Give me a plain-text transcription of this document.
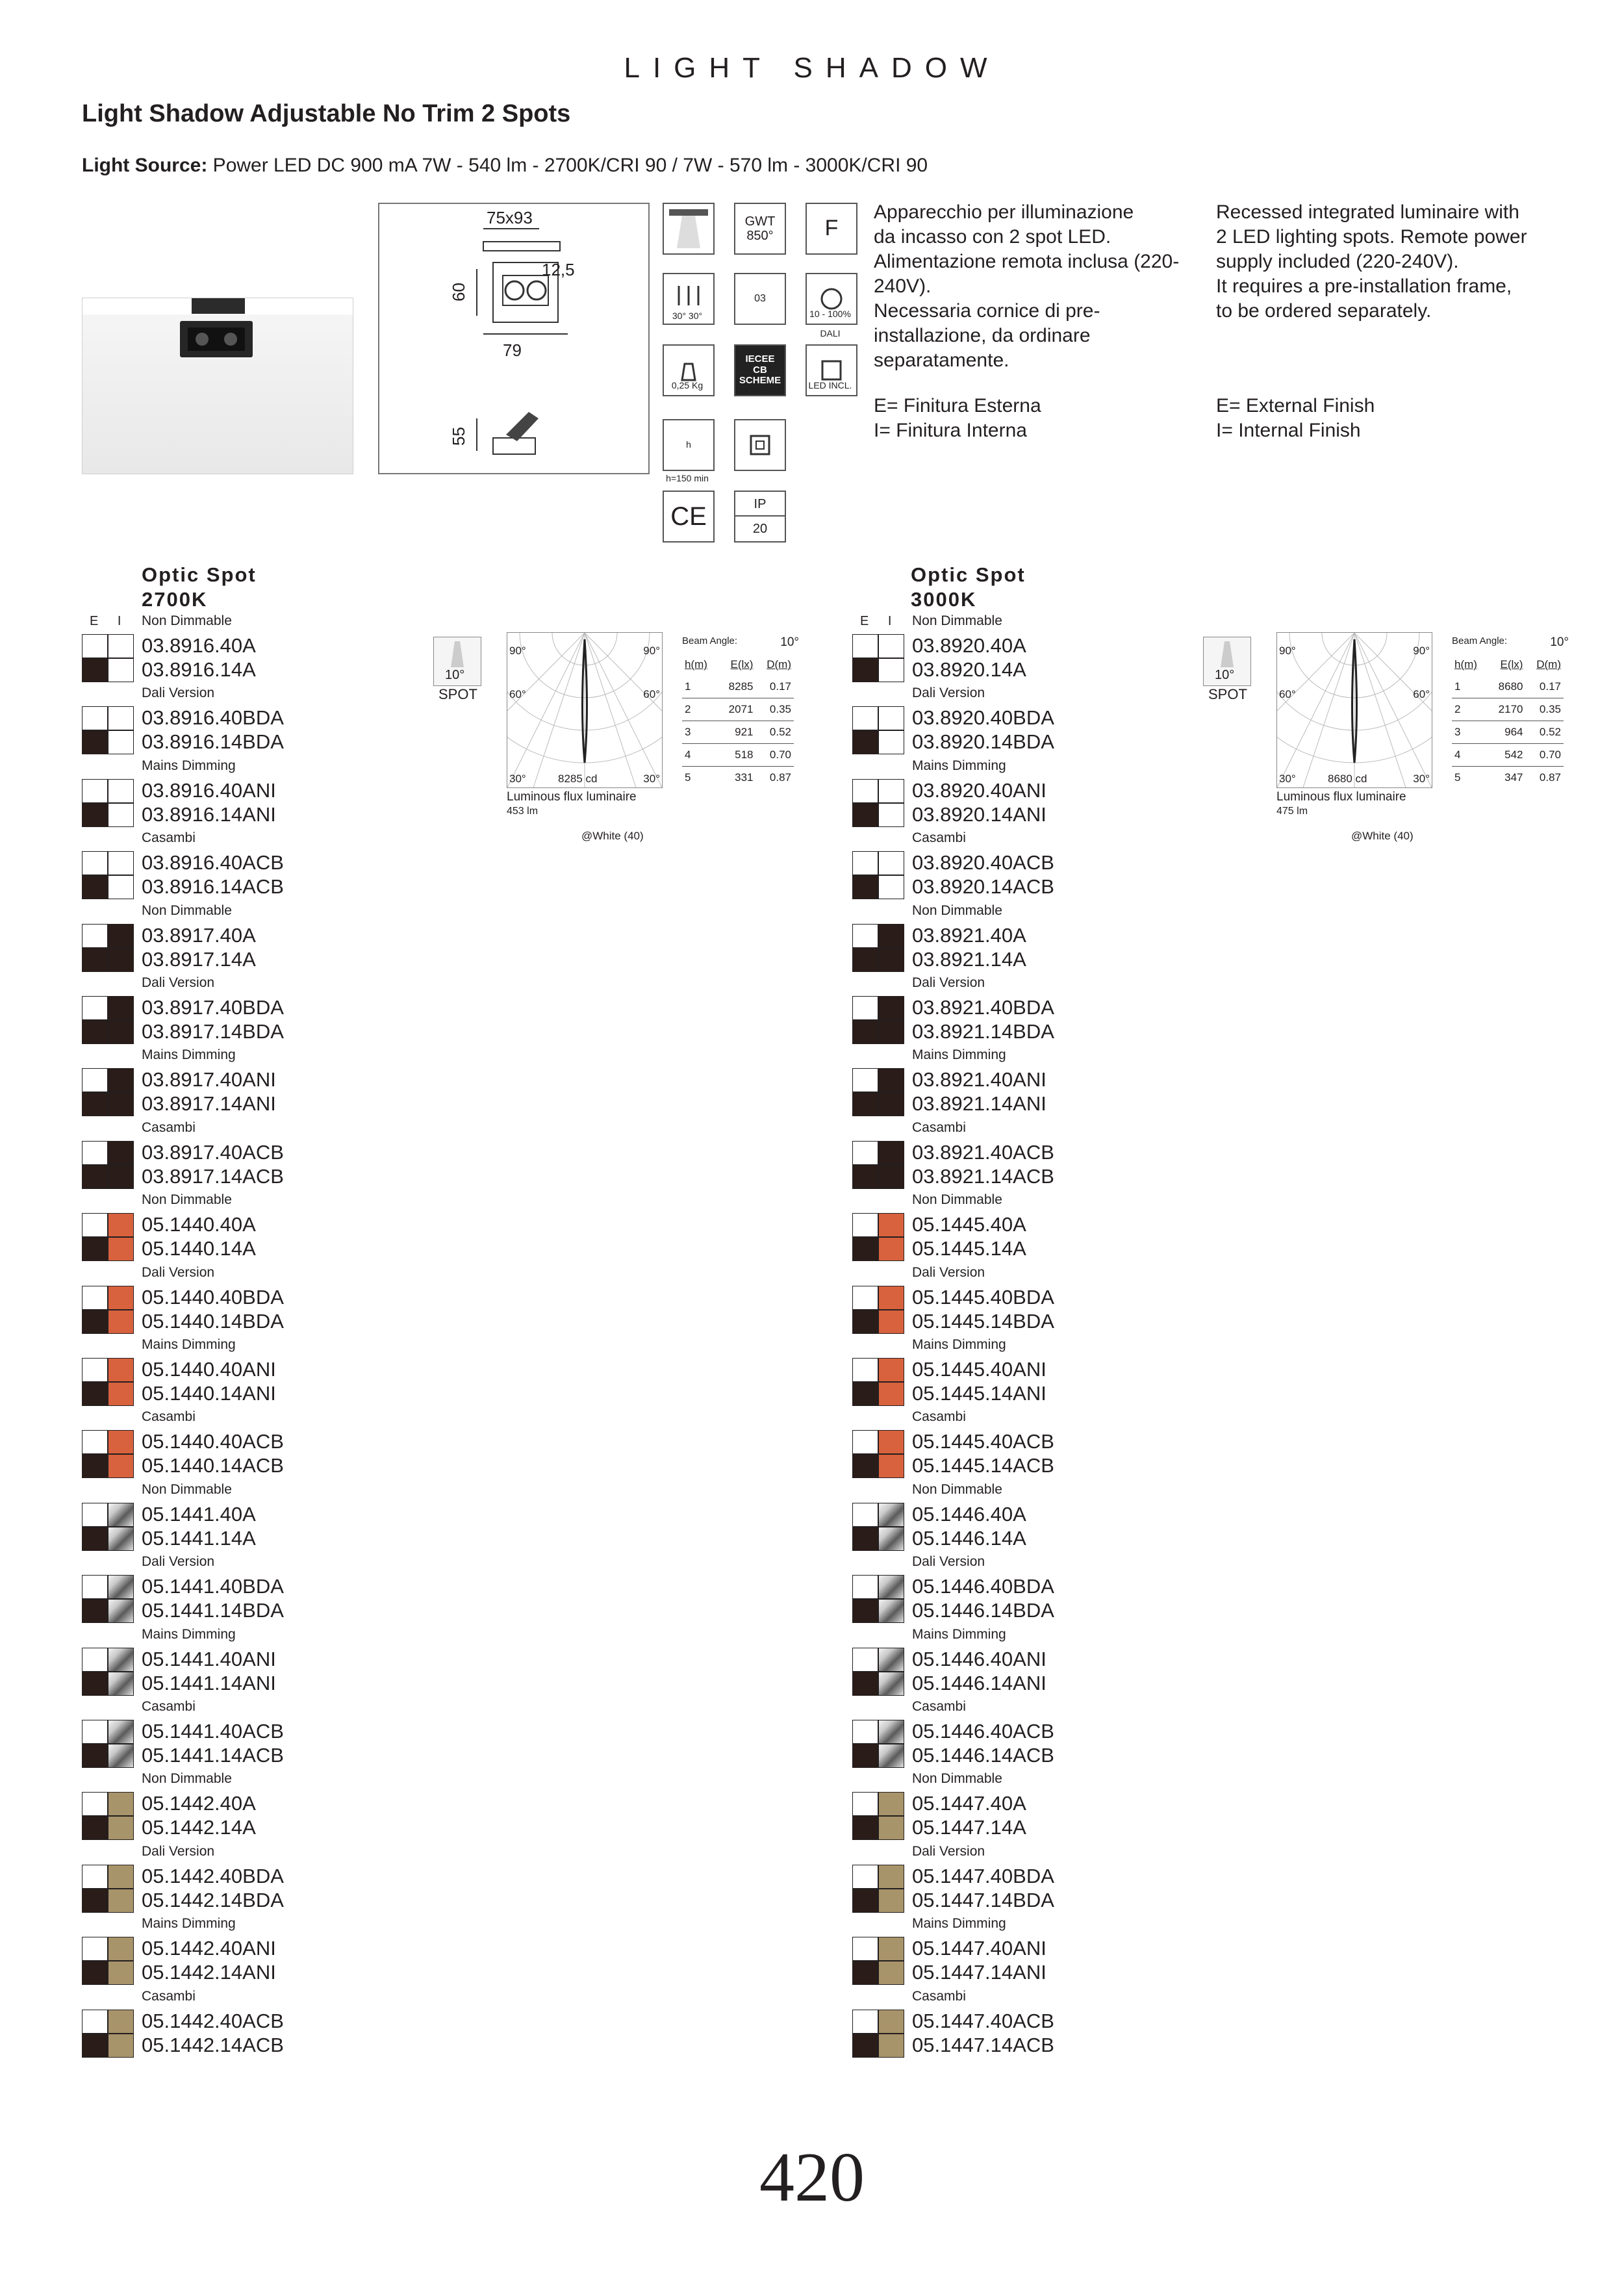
LIGHT SHADOW
Light Shadow Adjustable No Trim 2 Spots
Light Source: Power LED DC 900 mA 7W - 540 lm - 2700K/CRI 90 / 7W - 570 lm - 3000K/CRI 90
75x93
12,5
79
60
55
GWT
850°	F
30° 30°
03
10 - 100%
DALI
0,25 Kg
IECEE
CB
SCHEME	LED INCL.
h
h=150 min
CE	IP
20
Apparecchio per illuminazione
da incasso con 2 spot LED.
Alimentazione remota inclusa (220-
240V).
Necessaria cornice di pre-
installazione, da ordinare
separatamente.
Recessed integrated luminaire with
2 LED lighting spots. Remote power
supply included (220-240V).
It requires a pre-installation frame,
to be ordered separately.
E= Finitura Esterna
I= Finitura Interna
E= External Finish
I= Internal Finish
Optic Spot
2700K
E I
Optic Spot
3000K
E I
Non Dimmable
03.8916.40A
03.8916.14A
Dali Version
03.8916.40BDA
03.8916.14BDA
Mains Dimming
03.8916.40ANI
03.8916.14ANI
Casambi
03.8916.40ACB
03.8916.14ACB
Non Dimmable
03.8917.40A
03.8917.14A
Dali Version
03.8917.40BDA
03.8917.14BDA
Mains Dimming
03.8917.40ANI
03.8917.14ANI
Casambi
03.8917.40ACB
03.8917.14ACB
Non Dimmable
05.1440.40A
05.1440.14A
Dali Version
05.1440.40BDA
05.1440.14BDA
Mains Dimming
05.1440.40ANI
05.1440.14ANI
Casambi
05.1440.40ACB
05.1440.14ACB
Non Dimmable
05.1441.40A
05.1441.14A
Dali Version
05.1441.40BDA
05.1441.14BDA
Mains Dimming
05.1441.40ANI
05.1441.14ANI
Casambi
05.1441.40ACB
05.1441.14ACB
Non Dimmable
05.1442.40A
05.1442.14A
Dali Version
05.1442.40BDA
05.1442.14BDA
Mains Dimming
05.1442.40ANI
05.1442.14ANI
Casambi
05.1442.40ACB
05.1442.14ACB
Non Dimmable
03.8920.40A
03.8920.14A
Dali Version
03.8920.40BDA
03.8920.14BDA
Mains Dimming
03.8920.40ANI
03.8920.14ANI
Casambi
03.8920.40ACB
03.8920.14ACB
Non Dimmable
03.8921.40A
03.8921.14A
Dali Version
03.8921.40BDA
03.8921.14BDA
Mains Dimming
03.8921.40ANI
03.8921.14ANI
Casambi
03.8921.40ACB
03.8921.14ACB
Non Dimmable
05.1445.40A
05.1445.14A
Dali Version
05.1445.40BDA
05.1445.14BDA
Mains Dimming
05.1445.40ANI
05.1445.14ANI
Casambi
05.1445.40ACB
05.1445.14ACB
Non Dimmable
05.1446.40A
05.1446.14A
Dali Version
05.1446.40BDA
05.1446.14BDA
Mains Dimming
05.1446.40ANI
05.1446.14ANI
Casambi
05.1446.40ACB
05.1446.14ACB
Non Dimmable
05.1447.40A
05.1447.14A
Dali Version
05.1447.40BDA
05.1447.14BDA
Mains Dimming
05.1447.40ANI
05.1447.14ANI
Casambi
05.1447.40ACB
05.1447.14ACB
10°
SPOT
90°	90°
60°	60°
30°	30°
8285 cd
Luminous flux luminaire
453 lm
@White (40)
Beam Angle:	10°
h(m)	E(lx)	D(m)
1	8285	0.17
2	2071	0.35
3	921	0.52
4	518	0.70
5	331	0.87
10°
SPOT
90°	90°
60°	60°
30°	30°
8680 cd
Luminous flux luminaire
475 lm
@White (40)
Beam Angle:	10°
h(m)	E(lx)	D(m)
1	8680	0.17
2	2170	0.35
3	964	0.52
4	542	0.70
5	347	0.87
420
